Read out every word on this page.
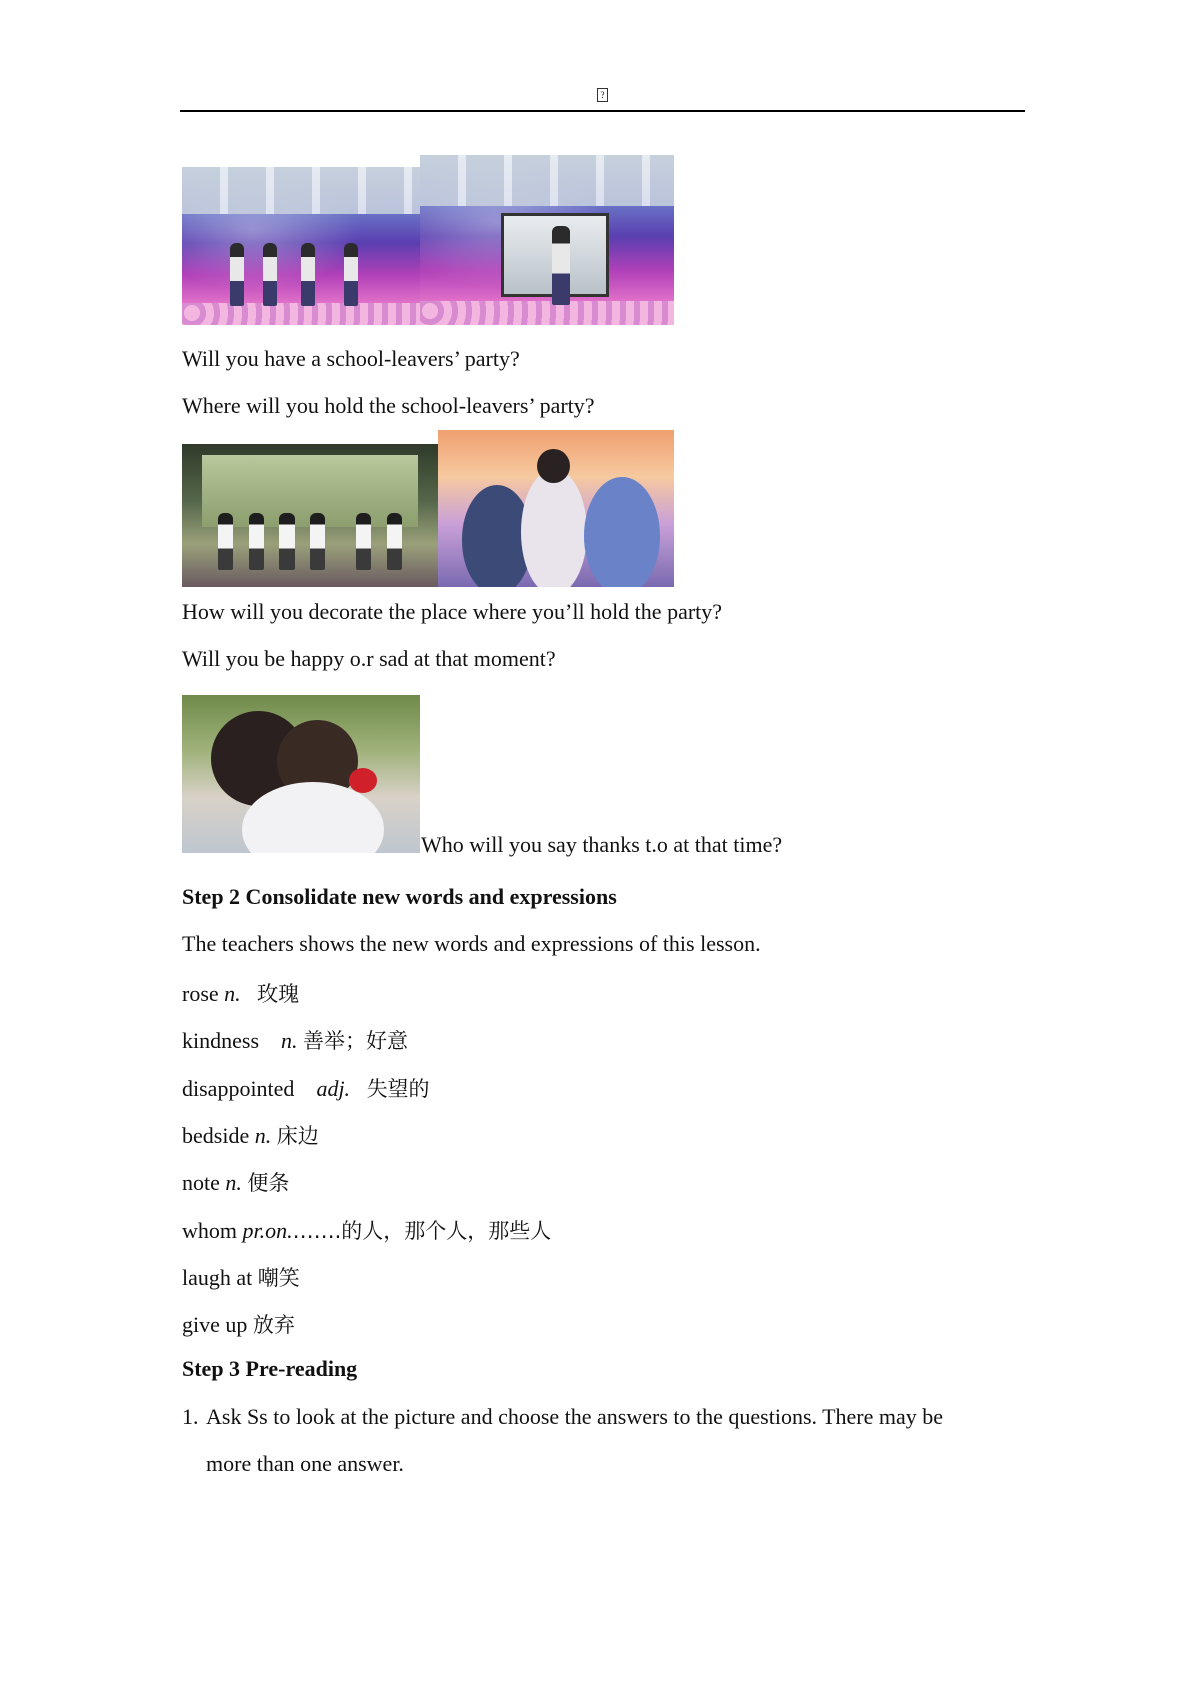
?
Will you have a school-leavers’ party?
Where will you hold the school-leavers’ party?
How will you decorate the place where you’ll hold the party?
Will you be happy o.r sad at that moment?
Who will you say thanks t.o at that time?
Step 2 Consolidate new words and expressions
The teachers shows the new words and expressions of this lesson.
rose n. 玫瑰
kindness n. 善举；好意
disappointed adj. 失望的
bedside n. 床边
note n. 便条
whom pr.on.…….的人，那个人，那些人
laugh at 嘲笑
give up 放弃
Step 3 Pre-reading
1. Ask Ss to look at the picture and choose the answers to the questions. There may be
more than one answer.
